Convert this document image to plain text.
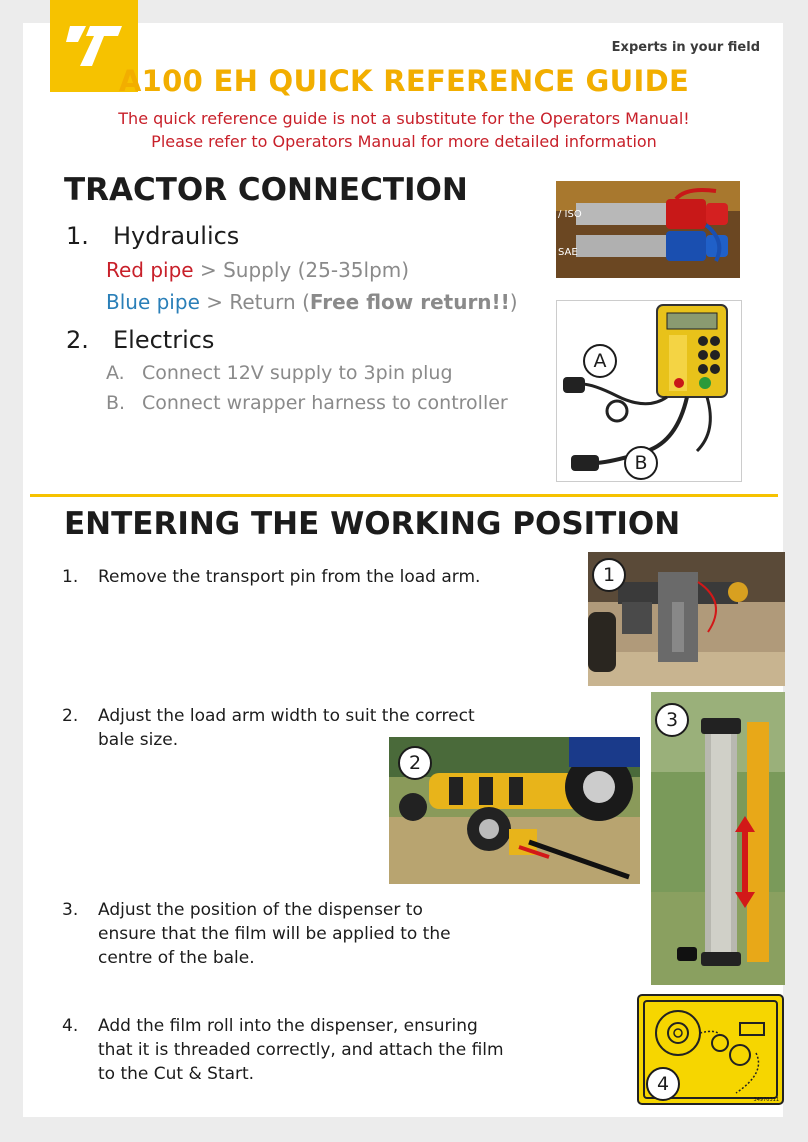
Experts in your field
A100 EH QUICK REFERENCE GUIDE
The quick reference guide is not a substitute for the Operators Manual!
Please refer to Operators Manual for more detailed information
TRACTOR CONNECTION
1. Hydraulics
Red pipe > Supply (25-35lpm)
Blue pipe > Return (Free flow return!!)
2. Electrics
A. Connect 12V supply to 3pin plug
B. Connect wrapper harness to controller
/ ISO
SAE
A
B
ENTERING THE WORKING POSITION
1. Remove the transport pin from the load arm.
2. Adjust the load arm width to suit the correct bale size.
3. Adjust the position of the dispenser to ensure that the film will be applied to the centre of the bale.
4. Add the film roll into the dispenser, ensuring that it is threaded correctly, and attach the film to the Cut & Start.
1
2
3
34970311
4
